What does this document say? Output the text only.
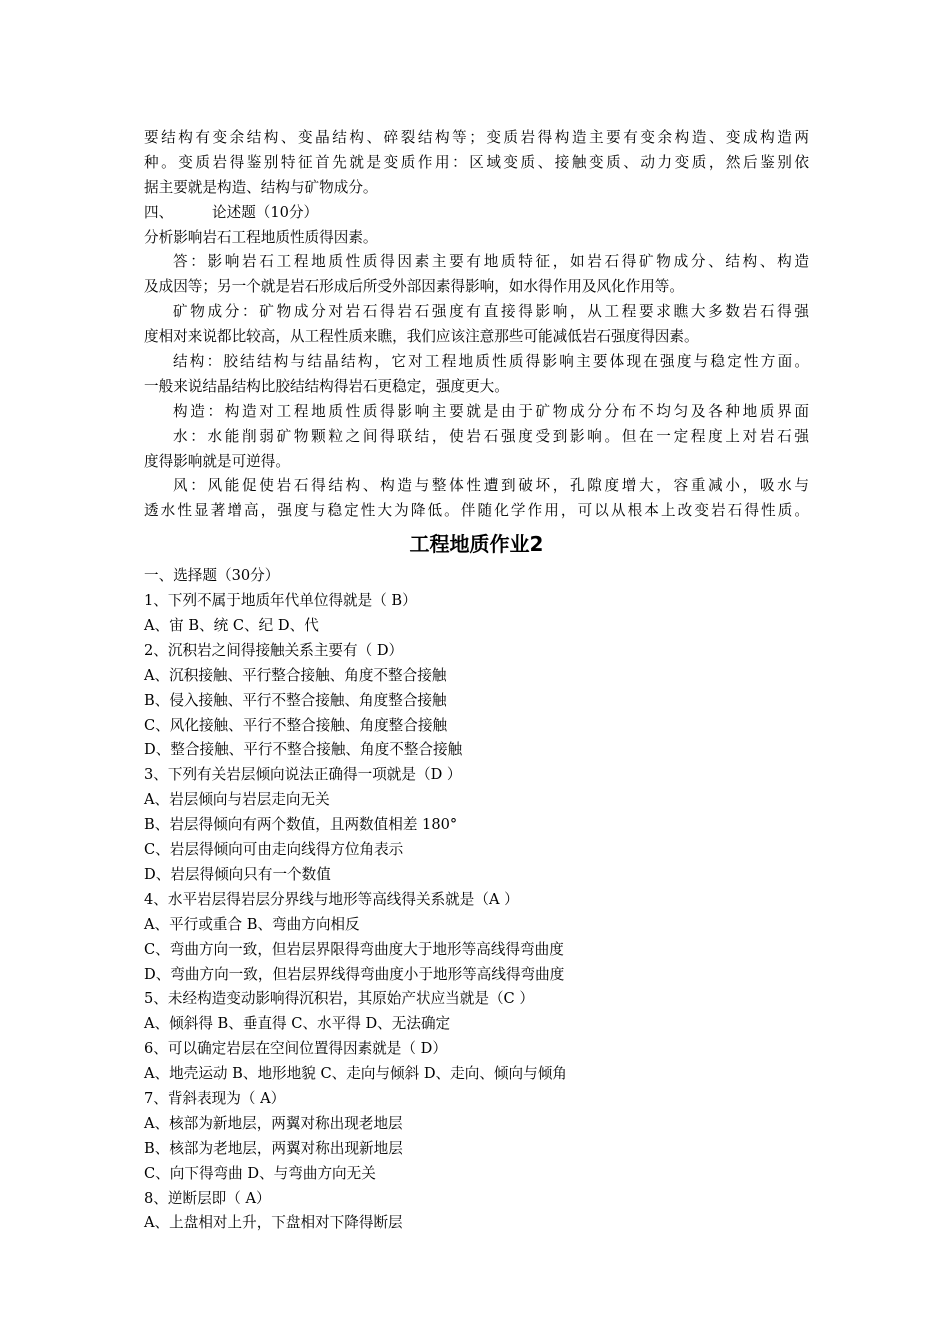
要结构有变余结构、变晶结构、碎裂结构等；变质岩得构造主要有变余构造、变成构造两
种。变质岩得鉴别特征首先就是变质作用：区域变质、接触变质、动力变质，然后鉴别依
据主要就是构造、结构与矿物成分。
四、	论述题（10分）
分析影响岩石工程地质性质得因素。
答：影响岩石工程地质性质得因素主要有地质特征，如岩石得矿物成分、结构、构造
及成因等；另一个就是岩石形成后所受外部因素得影响，如水得作用及风化作用等。
矿物成分：矿物成分对岩石得岩石强度有直接得影响，从工程要求瞧大多数岩石得强
度相对来说都比较高，从工程性质来瞧，我们应该注意那些可能减低岩石强度得因素。
结构：胶结结构与结晶结构，它对工程地质性质得影响主要体现在强度与稳定性方面。
一般来说结晶结构比胶结结构得岩石更稳定，强度更大。
构造：构造对工程地质性质得影响主要就是由于矿物成分分布不均匀及各种地质界面
水：水能削弱矿物颗粒之间得联结，使岩石强度受到影响。但在一定程度上对岩石强
度得影响就是可逆得。
风：风能促使岩石得结构、构造与整体性遭到破坏，孔隙度增大，容重减小，吸水与
透水性显著增高，强度与稳定性大为降低。伴随化学作用，可以从根本上改变岩石得性质。
工程地质作业2
一、选择题（30分）
1、下列不属于地质年代单位得就是（ B）
A、宙 B、统 C、纪 D、代
2、沉积岩之间得接触关系主要有（ D）
A、沉积接触、平行整合接触、角度不整合接触
B、侵入接触、平行不整合接触、角度整合接触
C、风化接触、平行不整合接触、角度整合接触
D、整合接触、平行不整合接触、角度不整合接触
3、下列有关岩层倾向说法正确得一项就是（D ）
A、岩层倾向与岩层走向无关
B、岩层得倾向有两个数值，且两数值相差 180°
C、岩层得倾向可由走向线得方位角表示
D、岩层得倾向只有一个数值
4、水平岩层得岩层分界线与地形等高线得关系就是（A ）
A、平行或重合 B、弯曲方向相反
C、弯曲方向一致，但岩层界限得弯曲度大于地形等高线得弯曲度
D、弯曲方向一致，但岩层界线得弯曲度小于地形等高线得弯曲度
5、未经构造变动影响得沉积岩，其原始产状应当就是（C ）
A、倾斜得 B、垂直得 C、水平得 D、无法确定
6、可以确定岩层在空间位置得因素就是（ D）
A、地壳运动 B、地形地貌 C、走向与倾斜 D、走向、倾向与倾角
7、背斜表现为（ A）
A、核部为新地层，两翼对称出现老地层
B、核部为老地层，两翼对称出现新地层
C、向下得弯曲 D、与弯曲方向无关
8、逆断层即（ A）
A、上盘相对上升，下盘相对下降得断层
